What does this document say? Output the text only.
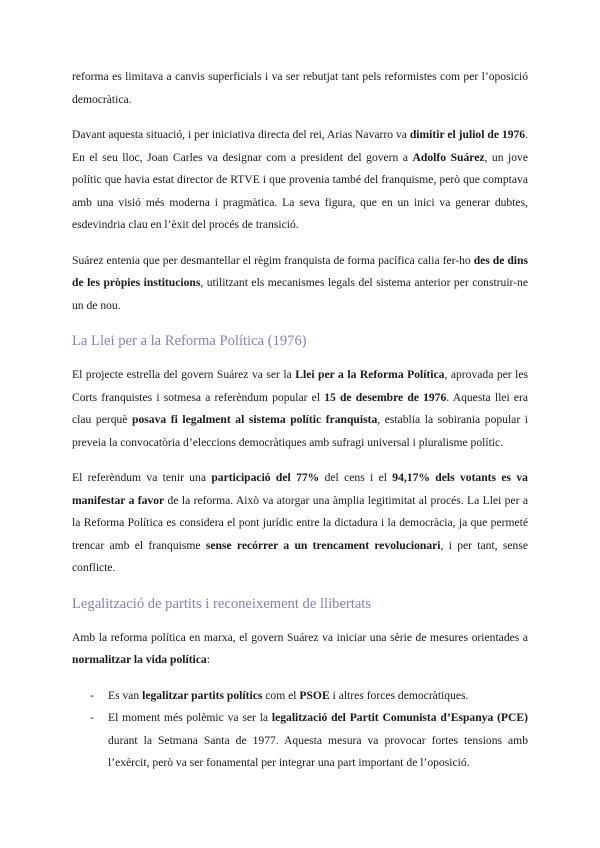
reforma es limitava a canvis superficials i va ser rebutjat tant pels reformistes com per l’oposició democràtica.

Davant aquesta situació, i per iniciativa directa del rei, Arias Navarro va dimitir el juliol de 1976. En el seu lloc, Joan Carles va designar com a president del govern a Adolfo Suárez, un jove polític que havia estat director de RTVE i que provenia també del franquisme, però que comptava amb una visió més moderna i pragmàtica. La seva figura, que en un inici va generar dubtes, esdevindria clau en l’èxit del procés de transició.

Suárez entenia que per desmantellar el règim franquista de forma pacífica calia fer-ho des de dins de les pròpies institucions, utilitzant els mecanismes legals del sistema anterior per construir-ne un de nou.

La Llei per a la Reforma Política (1976)

El projecte estrella del govern Suárez va ser la Llei per a la Reforma Política, aprovada per les Corts franquistes i sotmesa a referèndum popular el 15 de desembre de 1976. Aquesta llei era clau perquè posava fi legalment al sistema polític franquista, establia la sobirania popular i preveia la convocatòria d’eleccions democràtiques amb sufragi universal i pluralisme polític.

El referèndum va tenir una participació del 77% del cens i el 94,17% dels votants es va manifestar a favor de la reforma. Això va atorgar una àmplia legitimitat al procés. La Llei per a la Reforma Política es considera el pont jurídic entre la dictadura i la democràcia, ja que permeté trencar amb el franquisme sense recórrer a un trencament revolucionari, i per tant, sense conflicte.

Legalització de partits i reconeixement de llibertats

Amb la reforma política en marxa, el govern Suárez va iniciar una sèrie de mesures orientades a normalitzar la vida política:

- Es van legalitzar partits polítics com el PSOE i altres forces democràtiques.
- El moment més polèmic va ser la legalització del Partit Comunista d’Espanya (PCE) durant la Setmana Santa de 1977. Aquesta mesura va provocar fortes tensions amb l’exèrcit, però va ser fonamental per integrar una part important de l’oposició.
